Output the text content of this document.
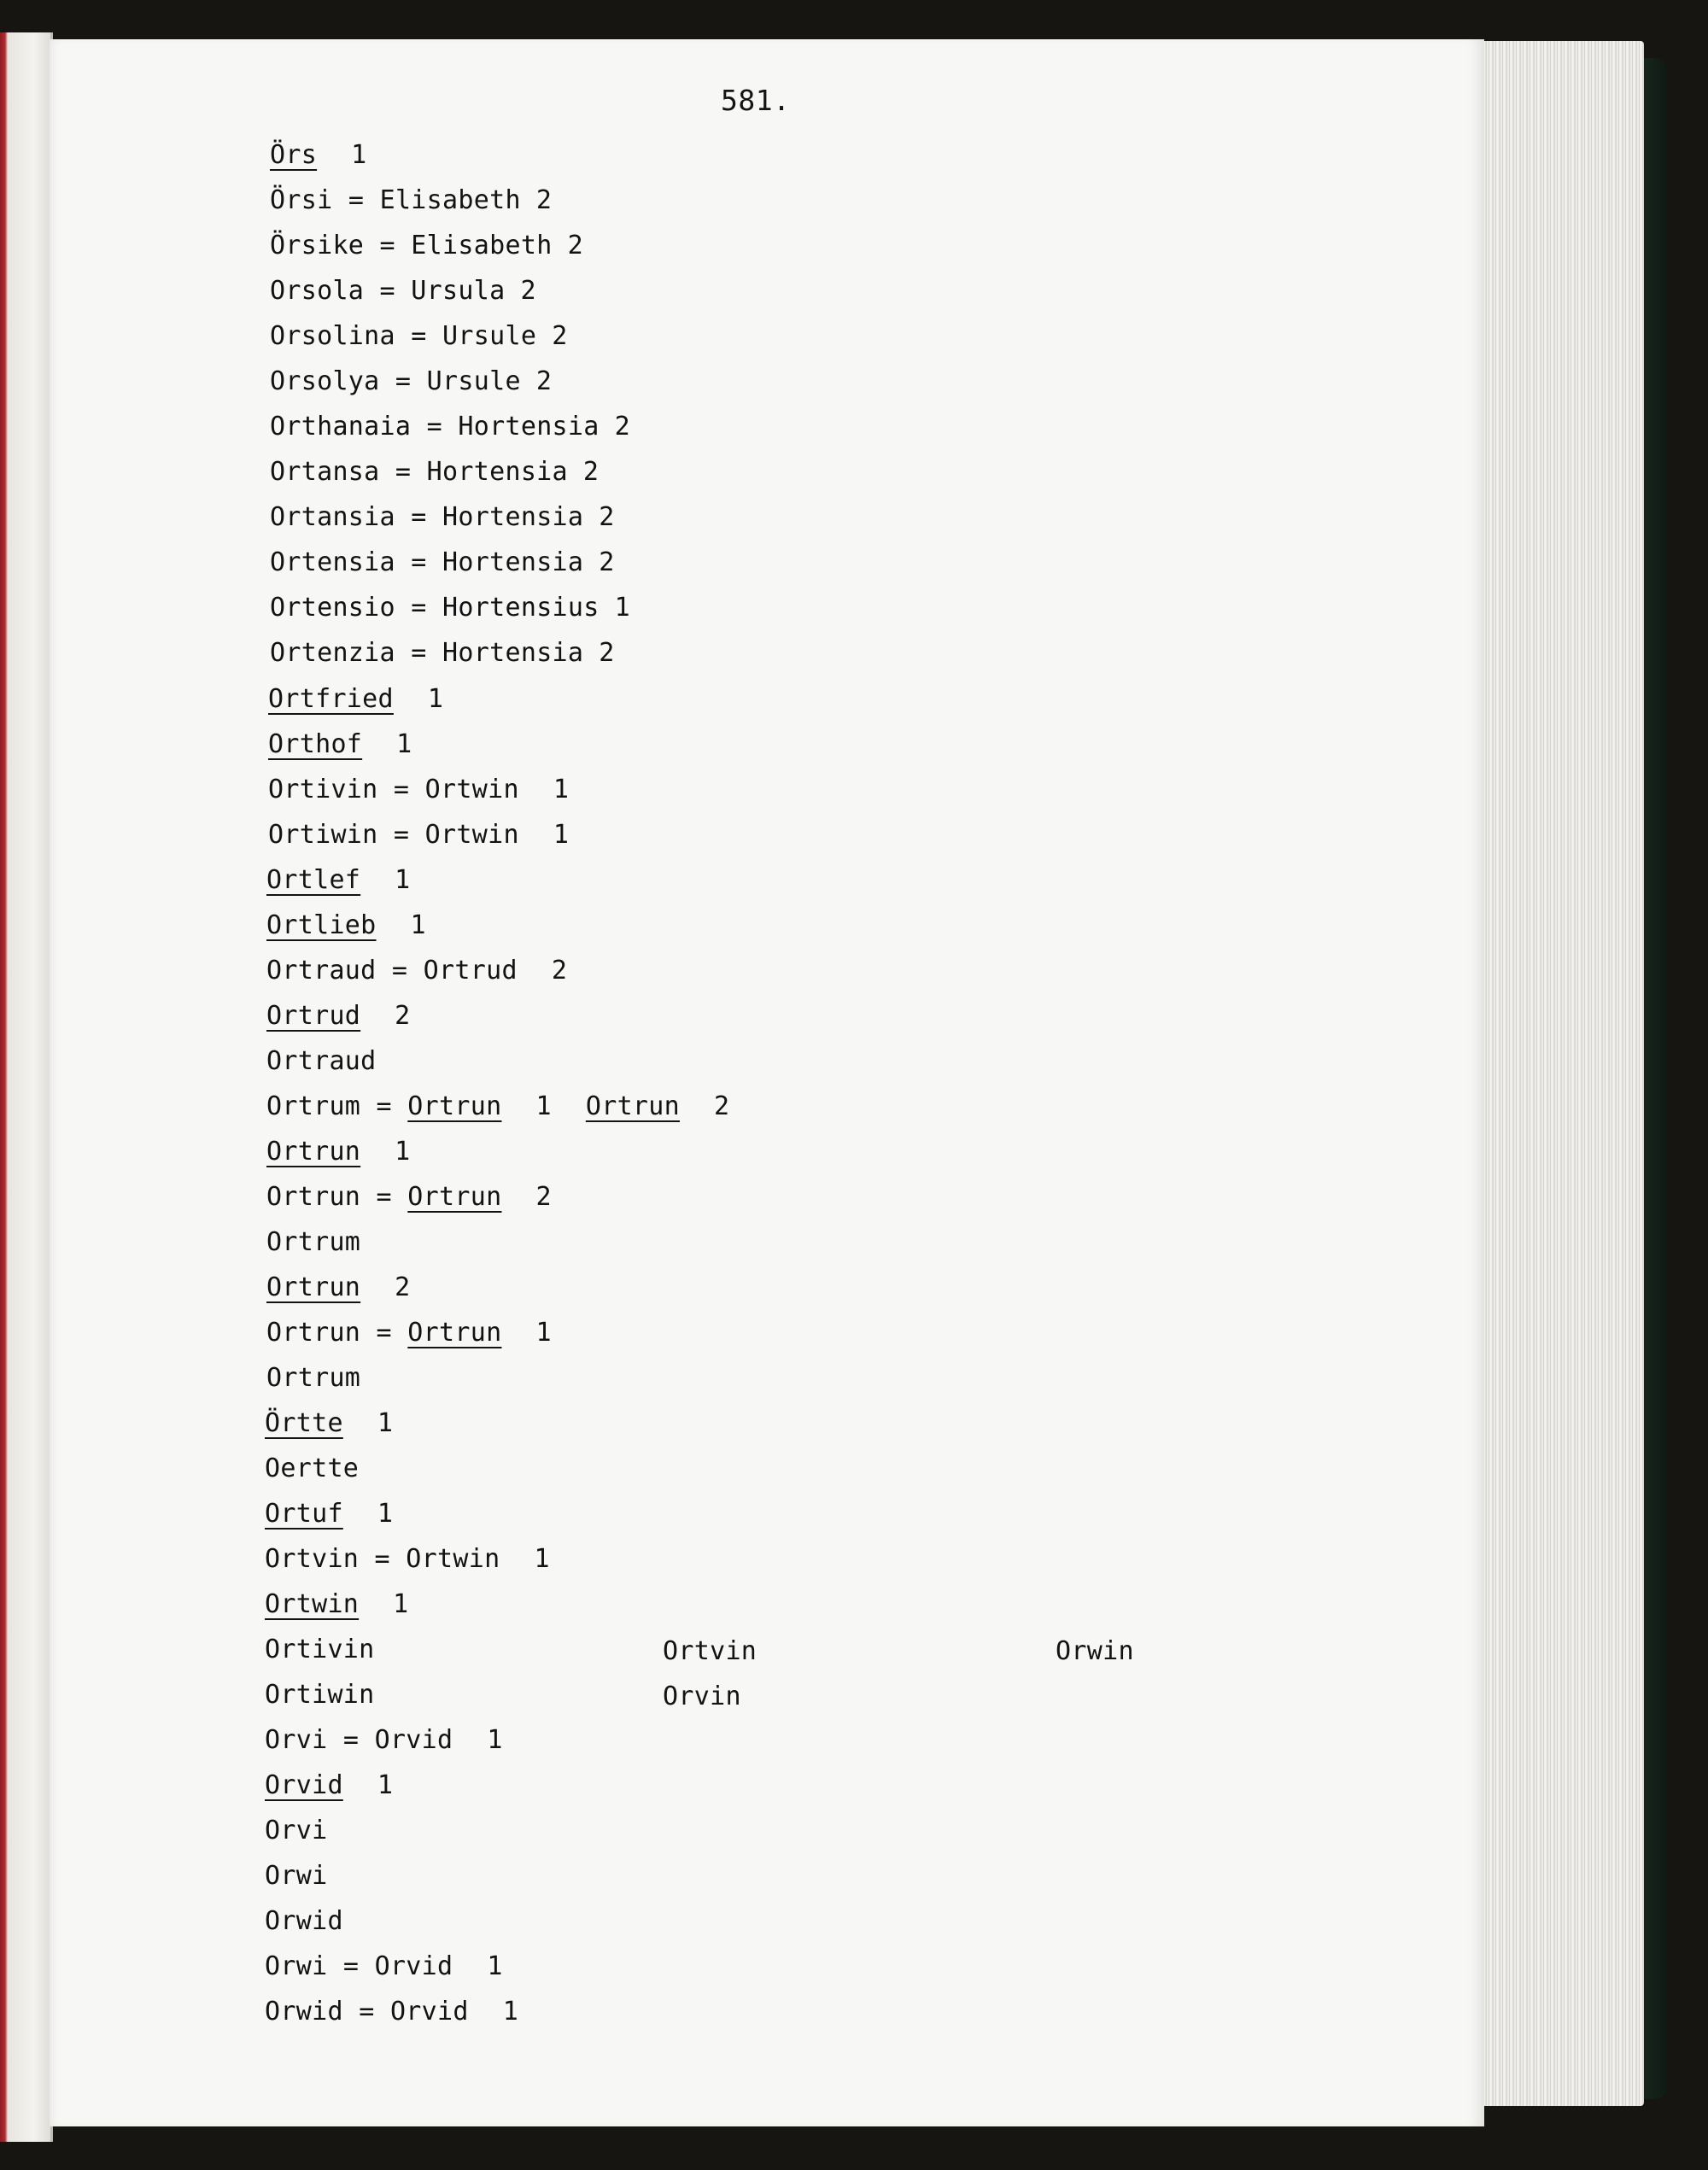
581.
Örs 1
Örsi = Elisabeth 2
Örsike = Elisabeth 2
Orsola = Ursula 2
Orsolina = Ursule 2
Orsolya = Ursule 2
Orthanaia = Hortensia 2
Ortansa = Hortensia 2
Ortansia = Hortensia 2
Ortensia = Hortensia 2
Ortensio = Hortensius 1
Ortenzia = Hortensia 2
Ortfried 1
Orthof 1
Ortivin = Ortwin 1
Ortiwin = Ortwin 1
Ortlef 1
Ortlieb 1
Ortraud = Ortrud 2
Ortrud 2
Ortraud
Ortrum = Ortrun 1 Ortrun 2
Ortrun 1
Ortrun = Ortrun 2
Ortrum
Ortrun 2
Ortrun = Ortrun 1
Ortrum
Örtte 1
Oertte
Ortuf 1
Ortvin = Ortwin 1
Ortwin 1
Ortivin	Ortvin	Orwin
Ortiwin	Orvin
Orvi = Orvid 1
Orvid 1
Orvi
Orwi
Orwid
Orwi = Orvid 1
Orwid = Orvid 1
